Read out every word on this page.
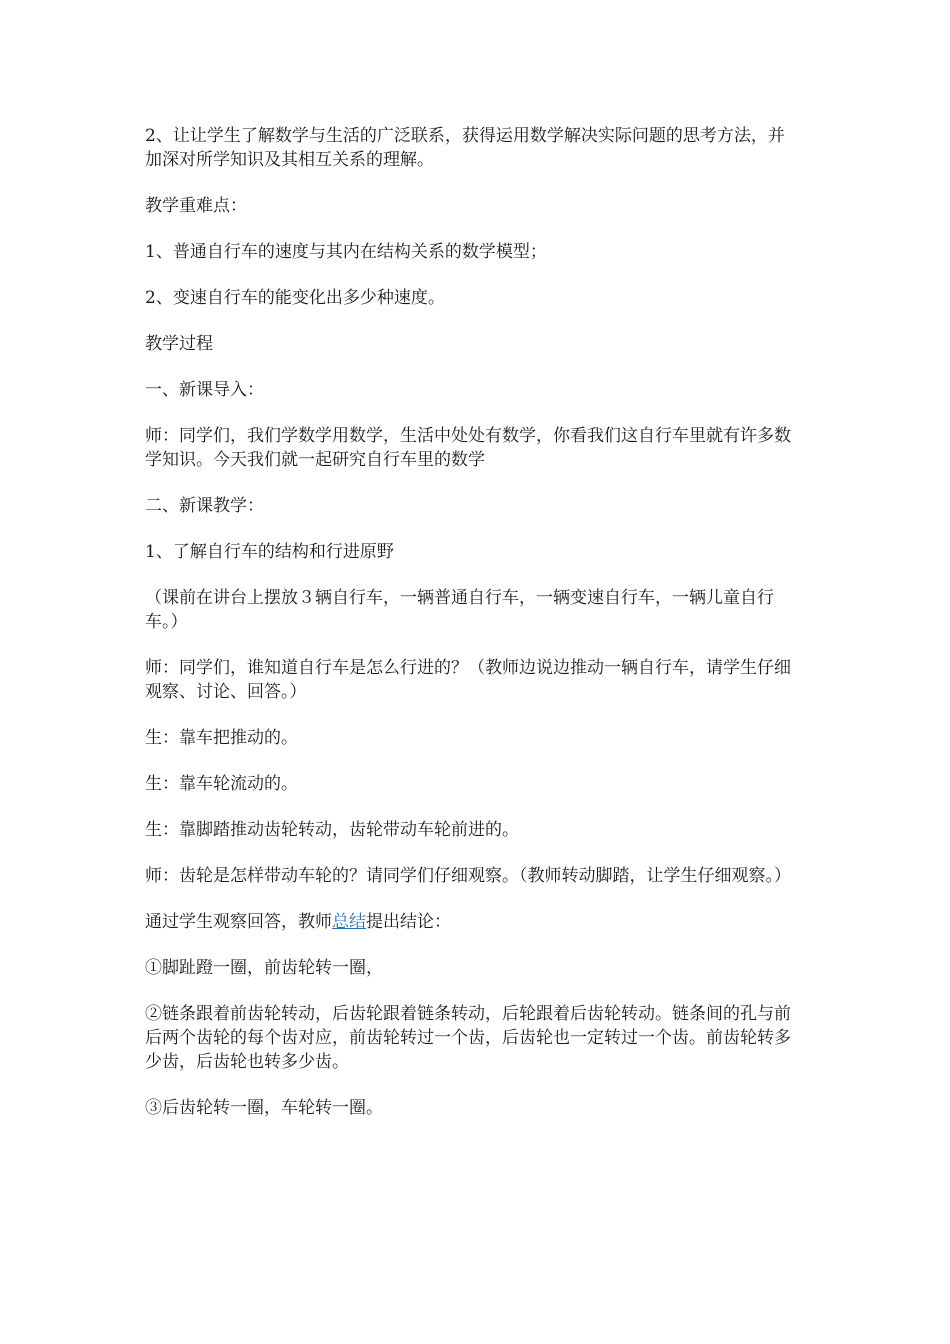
2、让让学生了解数学与生活的广泛联系，获得运用数学解决实际问题的思考方法，并加深对所学知识及其相互关系的理解。

教学重难点：

1、普通自行车的速度与其内在结构关系的数学模型；

2、变速自行车的能变化出多少种速度。

教学过程

一、新课导入：

师：同学们，我们学数学用数学，生活中处处有数学，你看我们这自行车里就有许多数学知识。今天我们就一起研究自行车里的数学

二、新课教学：

1、了解自行车的结构和行进原野

（课前在讲台上摆放３辆自行车，一辆普通自行车，一辆变速自行车，一辆儿童自行车。）

师：同学们，谁知道自行车是怎么行进的？（教师边说边推动一辆自行车，请学生仔细观察、讨论、回答。）

生：靠车把推动的。

生：靠车轮流动的。

生：靠脚踏推动齿轮转动，齿轮带动车轮前进的。

师：齿轮是怎样带动车轮的？请同学们仔细观察。（教师转动脚踏，让学生仔细观察。）

通过学生观察回答，教师总结提出结论：

①脚趾蹬一圈，前齿轮转一圈，

②链条跟着前齿轮转动，后齿轮跟着链条转动，后轮跟着后齿轮转动。链条间的孔与前后两个齿轮的每个齿对应，前齿轮转过一个齿，后齿轮也一定转过一个齿。前齿轮转多少齿，后齿轮也转多少齿。

③后齿轮转一圈，车轮转一圈。
